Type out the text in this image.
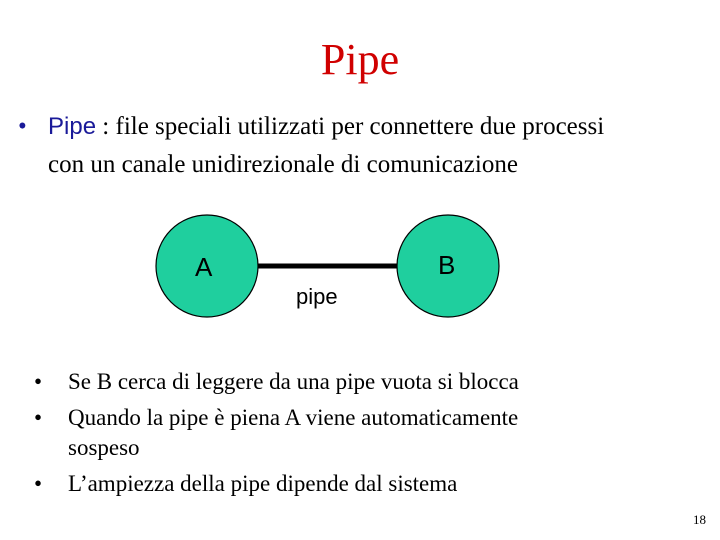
Pipe
• Pipe : file speciali utilizzati per connettere due processi
con un canale unidirezionale di comunicazione
A	B
pipe
• Se B cerca di leggere da una pipe vuota si blocca
• Quando la pipe è piena A viene automaticamente
sospeso
• L’ampiezza della pipe dipende dal sistema
18
